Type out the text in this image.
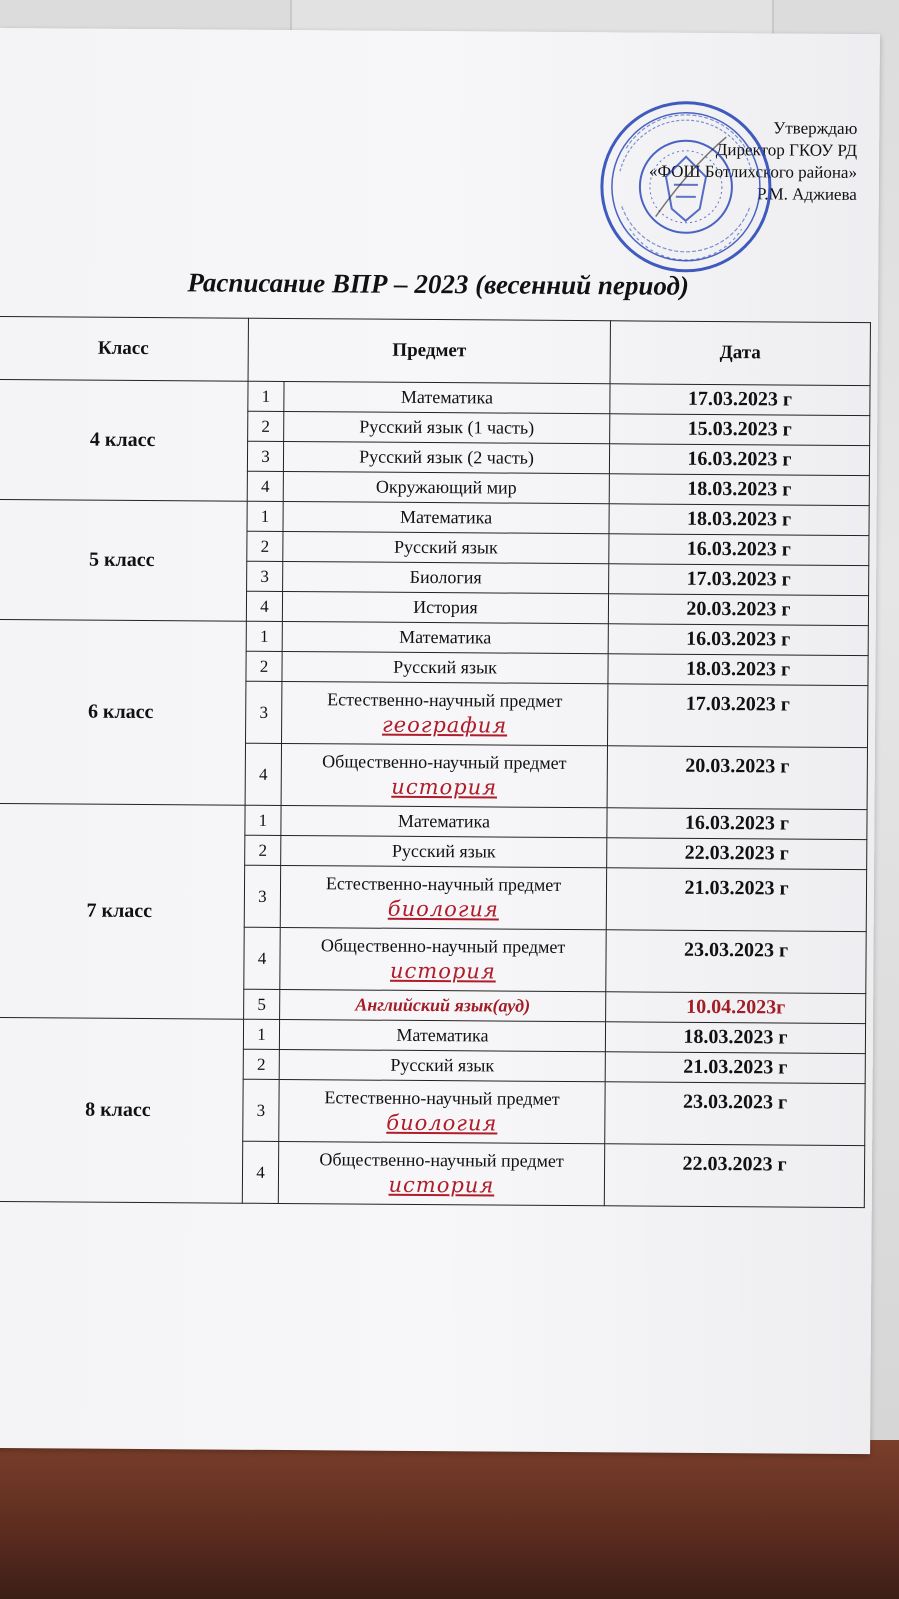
Утверждаю
Директор ГКОУ РД
«ФОШ Ботлихского района»
Р.М. Аджиева
Расписание ВПР – 2023 (весенний период)
Класс	Предмет		Дата
4 класс	1	Математика	17.03.2023 г
	2	Русский язык (1 часть)	15.03.2023 г
	3	Русский язык (2 часть)	16.03.2023 г
	4	Окружающий мир	18.03.2023 г
5 класс	1	Математика	18.03.2023 г
	2	Русский язык	16.03.2023 г
	3	Биология	17.03.2023 г
	4	История	20.03.2023 г
6 класс	1	Математика	16.03.2023 г
	2	Русский язык	18.03.2023 г
	3	Естественно-научный предмет
география	17.03.2023 г
	4	Общественно-научный предмет
история	20.03.2023 г
7 класс	1	Математика	16.03.2023 г
	2	Русский язык	22.03.2023 г
	3	Естественно-научный предмет
биология	21.03.2023 г
	4	Общественно-научный предмет
история	23.03.2023 г
	5	Английский язык(ауд)	10.04.2023г
8 класс	1	Математика	18.03.2023 г
	2	Русский язык	21.03.2023 г
	3	Естественно-научный предмет
биология	23.03.2023 г
	4	Общественно-научный предмет
история	22.03.2023 г
